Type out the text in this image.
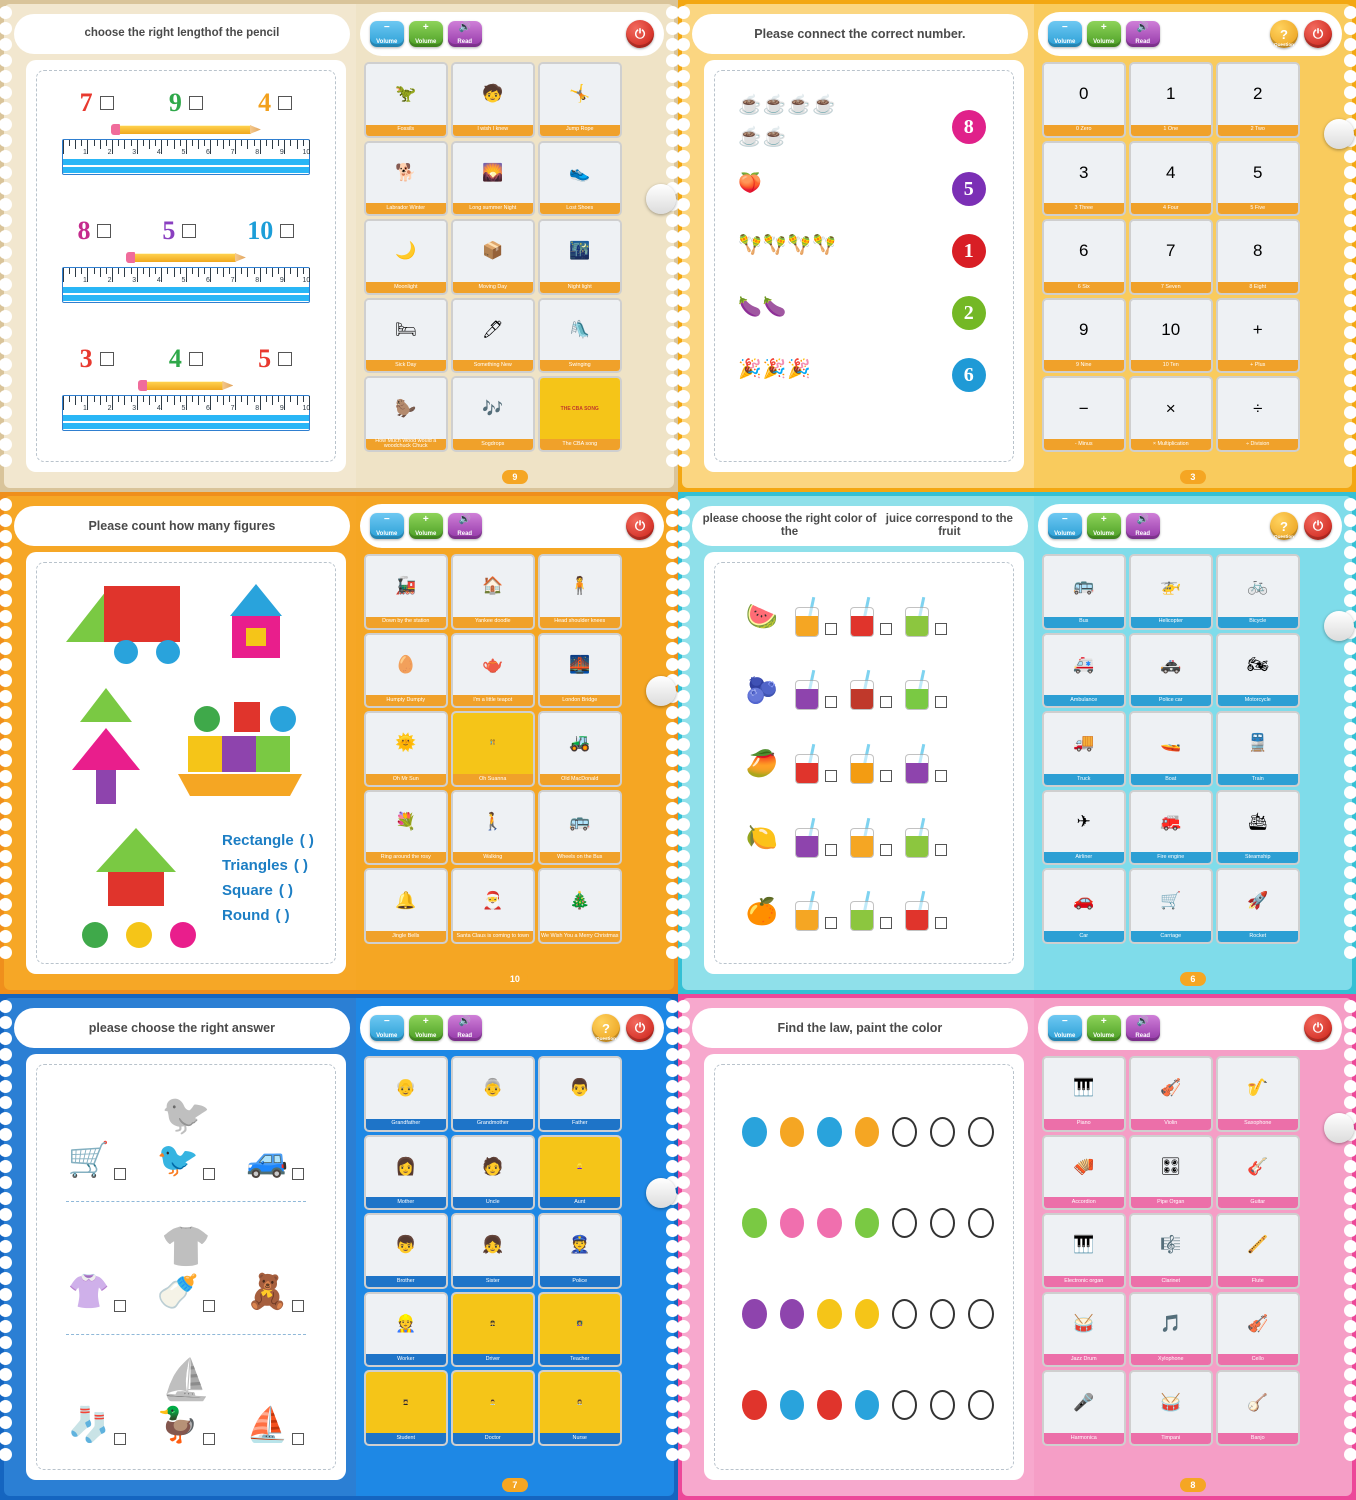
choose the right length of the pencil
7	9	4
1	2	3	4	5	6	7	8	9	10
8	5	10
1	2	3	4	5	6	7	8	9	10
3	4	5
1	2	3	4	5	6	7	8	9	10
−
Volume
+
Volume
🔊
Read
⏻
🦖
Fossils
🧒
I wish I knew
🤸
Jump Rope
🐕
Labrador Winter
🌄
Long summer Night
👟
Lost Shoes
🌙
Moonlight
📦
Moving Day
🌃
Night light
🛏
Sick Day
🖊
Something New
🛝
Swinging
🦫
How Much Wood would a woodchuck Chuck
🎶
Sogdrops
THE CBA SONG
The CBA song
9
Please connect the correct number.
☕ ☕ ☕ ☕
☕ ☕
🍑
🪇 🪇 🪇 🪇
🍆 🍆
🎉 🎉 🎉
8
5
1
2
6
−
Volume
+
Volume
🔊
Read
?
Question
⏻
0
0 Zero
1
1 One
2
2 Two
3
3 Three
4
4 Four
5
5 Five
6
6 Six
7
7 Seven
8
8 Eight
9
9 Nine
10
10 Ten
+
+ Plus
−
- Minus
×
× Multiplication
÷
÷ Division
3
Please count how many figures
Rectangle ( )
Triangles ( )
Square ( )
Round ( )
−
Volume
+
Volume
🔊
Read
⏻
🚂
Down by the station
🏠
Yankee doodle
🧍
Head shoulder knees
🥚
Humpty Dumpty
🫖
I'm a little teapot
🌉
London Bridge
🌞
Oh Mr Sun
🧑‍🤝‍🧑
Oh Suanna
🚜
Old MacDonald
💐
Ring around the rosy
🚶
Walking
🚌
Wheels on the Bus
🔔
Jingle Bells
🎅
Santa Claus is coming to town
🎄
We Wish You a Merry Christmas
10
please choose the right color of the

juice correspond to the fruit
🍉
🫐
🥭
🍋
🍊
−
Volume
+
Volume
🔊
Read
?
Question
⏻
🚌
Bus
🚁
Helicopter
🚲
Bicycle
🚑
Ambulance
🚓
Police car
🏍
Motorcycle
🚚
Truck
🚤
Boat
🚆
Train
✈
Airliner
🚒
Fire engine
🛳
Steamship
🚗
Car
🛒
Carriage
🚀
Rocket
6
please choose the right answer
🐦
🛒 🐦 🚙
👕
👚 🍼 🧸
⛵
🧦 🦆 ⛵
−
Volume
+
Volume
🔊
Read
?
Question
⏻
👴
Grandfather
👵
Grandmother
👨
Father
👩
Mother
🧑
Uncle
👱‍♀️
Aunt
👦
Brother
👧
Sister
👮
Police
👷
Worker
🧑‍✈️
Driver
👩‍🏫
Teacher
🧑‍🎓
Student
👨‍⚕️
Doctor
👩‍⚕️
Nurse
7
Find the law, paint the color	−
Volume
+
Volume
🔊
Read
⏻
🎹
Piano
🎻
Violin
🎷
Saxophone
🪗
Accordion
🎛
Pipe Organ
🎸
Guitar
🎹
Electronic organ
🎼
Clarinet
🪈
Flute
🥁
Jazz Drum
🎵
Xylophone
🎻
Cello
🎤
Harmonica
🥁
Timpani
🪕
Banjo
8
